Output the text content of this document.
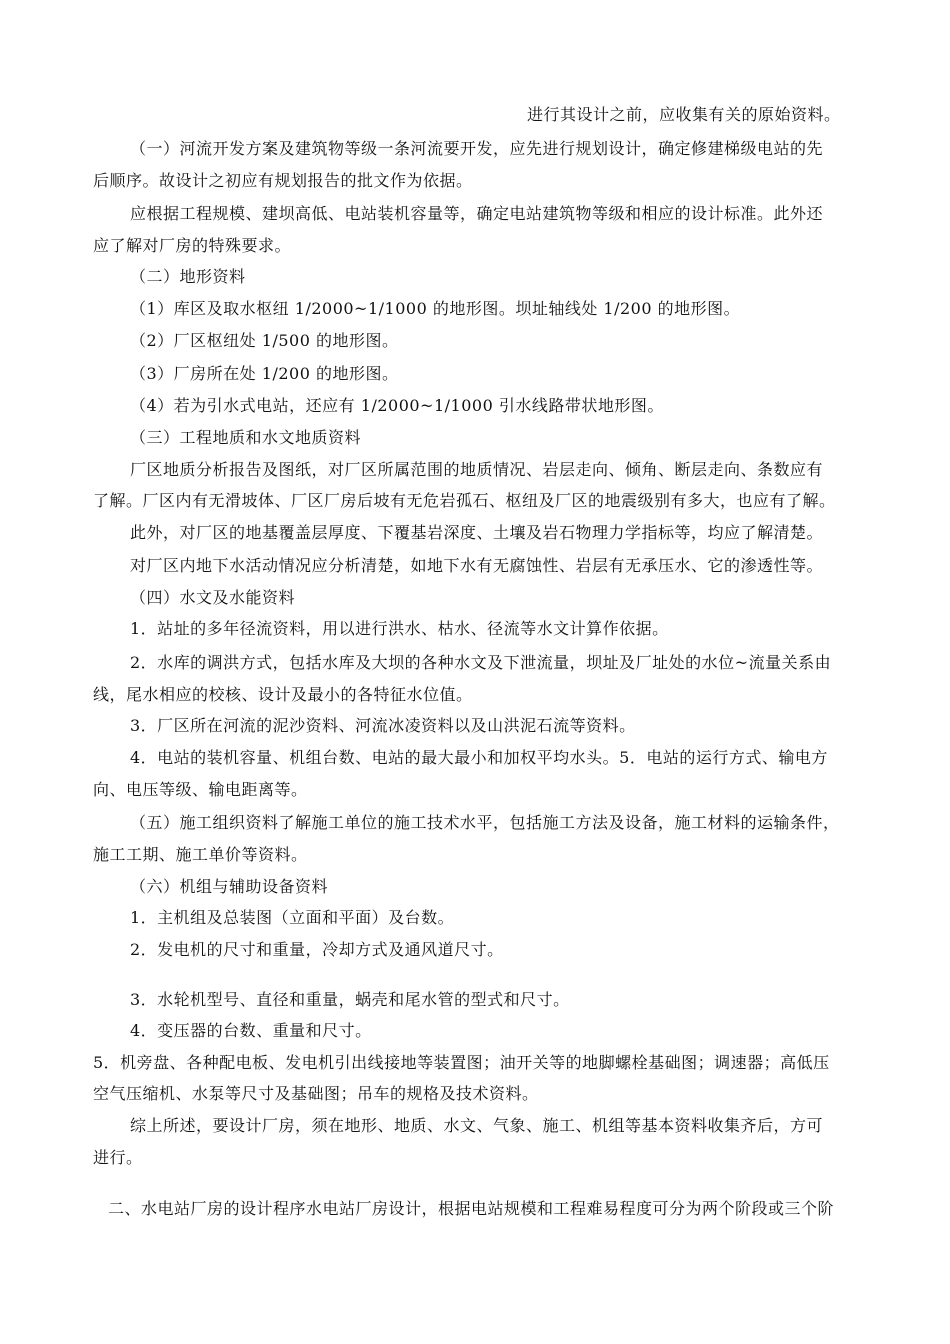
进行其设计之前，应收集有关的原始资料。
（一）河流开发方案及建筑物等级一条河流要开发，应先进行规划设计，确定修建梯级电站的先
后顺序。故设计之初应有规划报告的批文作为依据。
应根据工程规模、建坝高低、电站装机容量等，确定电站建筑物等级和相应的设计标准。此外还
应了解对厂房的特殊要求。
（二）地形资料
（1）库区及取水枢纽 1/2000~1/1000 的地形图。坝址轴线处 1/200 的地形图。
（2）厂区枢纽处 1/500 的地形图。
（3）厂房所在处 1/200 的地形图。
（4）若为引水式电站，还应有 1/2000~1/1000 引水线路带状地形图。
（三）工程地质和水文地质资料
厂区地质分析报告及图纸，对厂区所属范围的地质情况、岩层走向、倾角、断层走向、条数应有
了解。厂区内有无滑坡体、厂区厂房后坡有无危岩孤石、枢纽及厂区的地震级别有多大，也应有了解。
此外，对厂区的地基覆盖层厚度、下覆基岩深度、土壤及岩石物理力学指标等，均应了解清楚。
对厂区内地下水活动情况应分析清楚，如地下水有无腐蚀性、岩层有无承压水、它的渗透性等。
（四）水文及水能资料
1．站址的多年径流资料，用以进行洪水、枯水、径流等水文计算作依据。
2．水库的调洪方式，包括水库及大坝的各种水文及下泄流量，坝址及厂址处的水位~流量关系由
线，尾水相应的校核、设计及最小的各特征水位值。
3．厂区所在河流的泥沙资料、河流冰凌资料以及山洪泥石流等资料。
4．电站的装机容量、机组台数、电站的最大最小和加权平均水头。5．电站的运行方式、输电方
向、电压等级、输电距离等。
（五）施工组织资料了解施工单位的施工技术水平，包括施工方法及设备，施工材料的运输条件，
施工工期、施工单价等资料。
（六）机组与辅助设备资料
1．主机组及总装图（立面和平面）及台数。
2．发电机的尺寸和重量，冷却方式及通风道尺寸。
3．水轮机型号、直径和重量，蜗壳和尾水管的型式和尺寸。
4．变压器的台数、重量和尺寸。
5．机旁盘、各种配电板、发电机引出线接地等装置图；油开关等的地脚螺栓基础图；调速器；高低压
空气压缩机、水泵等尺寸及基础图；吊车的规格及技术资料。
综上所述，要设计厂房，须在地形、地质、水文、气象、施工、机组等基本资料收集齐后，方可
进行。
二、水电站厂房的设计程序水电站厂房设计，根据电站规模和工程难易程度可分为两个阶段或三个阶
